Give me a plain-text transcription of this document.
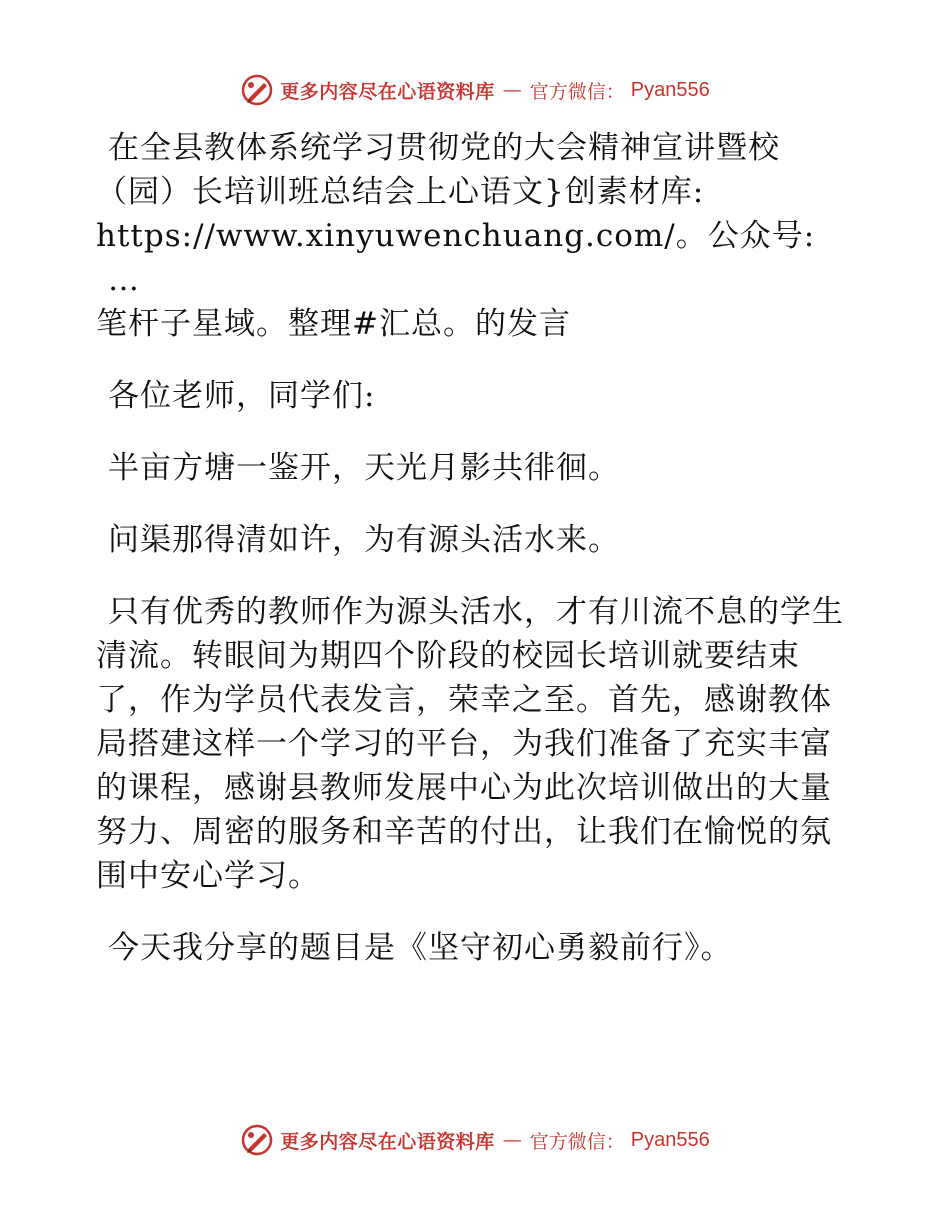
更多内容尽在心语资料库 — 官方微信： Pyan556

在全县教体系统学习贯彻党的大会精神宣讲暨校
（园）长培训班总结会上心语文}创素材库:
https://www.xinyuwenchuang.com/。公众号: …
笔杆子星域。整理#汇总。的发言

各位老师，同学们:

半亩方塘一鉴开，天光月影共徘徊。

问渠那得清如许，为有源头活水来。

只有优秀的教师作为源头活水，才有川流不息的学生清流。转眼间为期四个阶段的校园长培训就要结束了，作为学员代表发言，荣幸之至。首先，感谢教体局搭建这样一个学习的平台，为我们准备了充实丰富的课程，感谢县教师发展中心为此次培训做出的大量努力、周密的服务和辛苦的付出，让我们在愉悦的氛围中安心学习。

今天我分享的题目是《坚守初心勇毅前行》。

更多内容尽在心语资料库 — 官方微信： Pyan556
